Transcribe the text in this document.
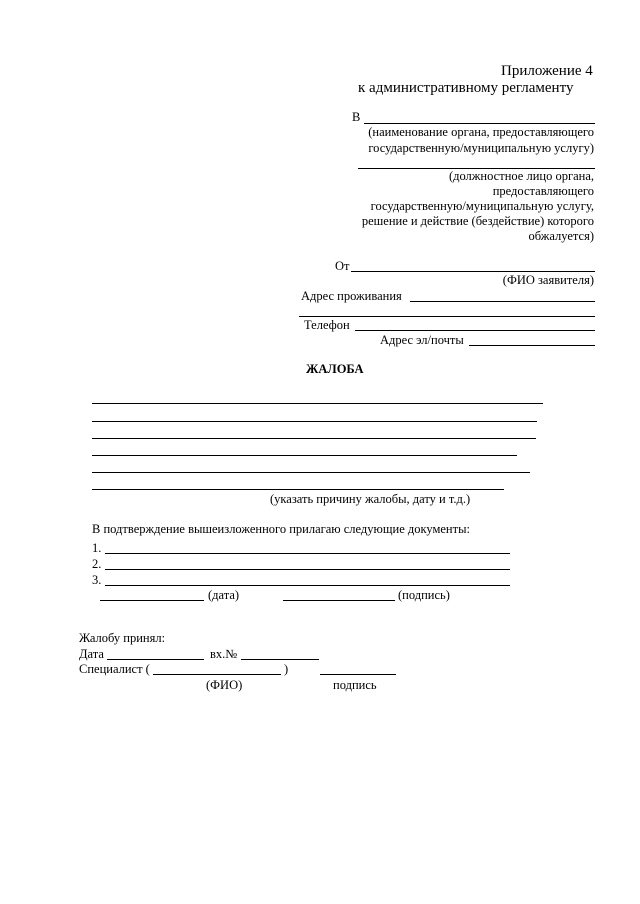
Приложение 4
к административному регламенту
В
(наименование органа, предоставляющего
государственную/муниципальную услугу)
(должностное лицо органа,
предоставляющего
государственную/муниципальную услугу,
решение и действие (бездействие) которого
обжалуется)
От
(ФИО заявителя)
Адрес проживания
Телефон
Адрес эл/почты
ЖАЛОБА
(указать причину жалобы, дату и т.д.)
В подтверждение вышеизложенного прилагаю следующие документы:
1.
2.
3.
(дата)	(подпись)
Жалобу принял:
Дата	вх.№
Специалист (	)
(ФИО)	подпись
